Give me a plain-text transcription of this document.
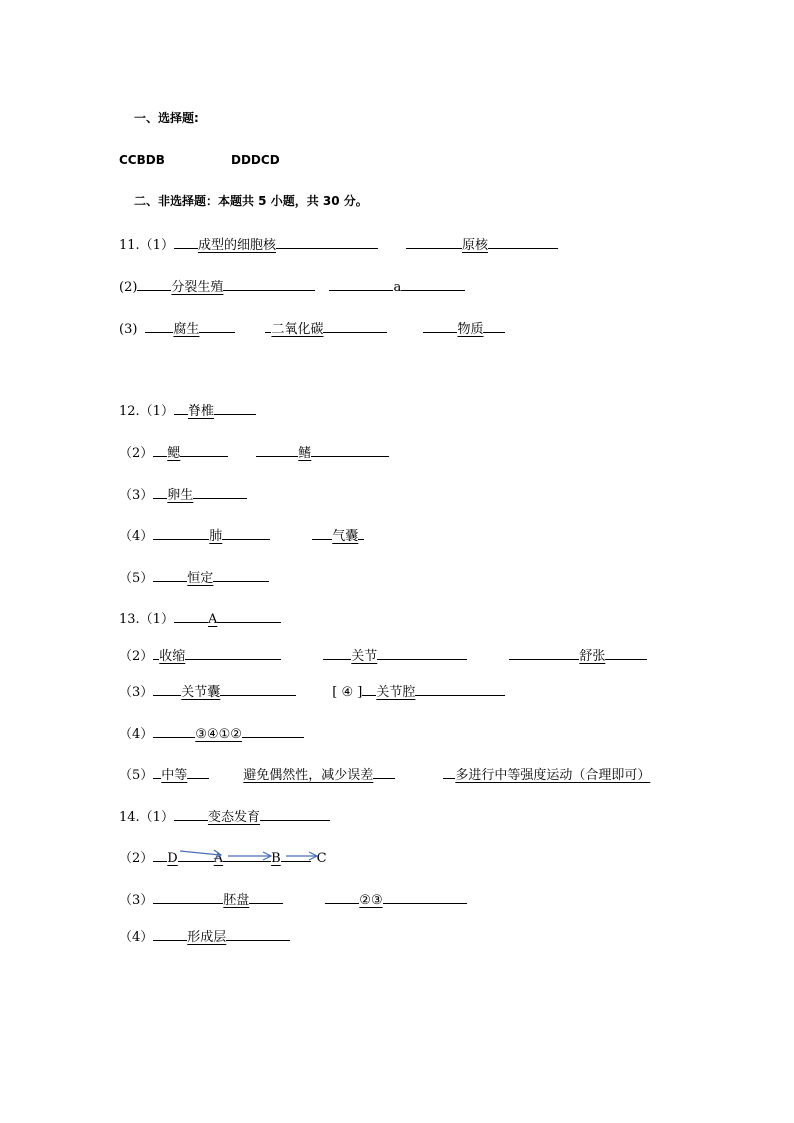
一、选择题:
CCBDB	DDDCD
二、非选择题：本题共 5 小题，共 30 分。
11.（1） 成型的细胞核	原核
(2)	分裂生殖	a
(3)	腐生	二氧化碳	物质
12.（1） 脊椎
（2） 鳃	鳍
（3） 卵生
（4）	肺	气囊
（5）	恒定
13.（1）	A
（2） 收缩	关节	舒张
（3） 关节囊	[ ④ ] 关节腔
（4）	③④①②
（5） 中等	避免偶然性，减少误差	多进行中等强度运动（合理即可）
14.（1）	变态发育
（2） D	A	B	C
（3）	胚盘	②③
（4）	形成层
